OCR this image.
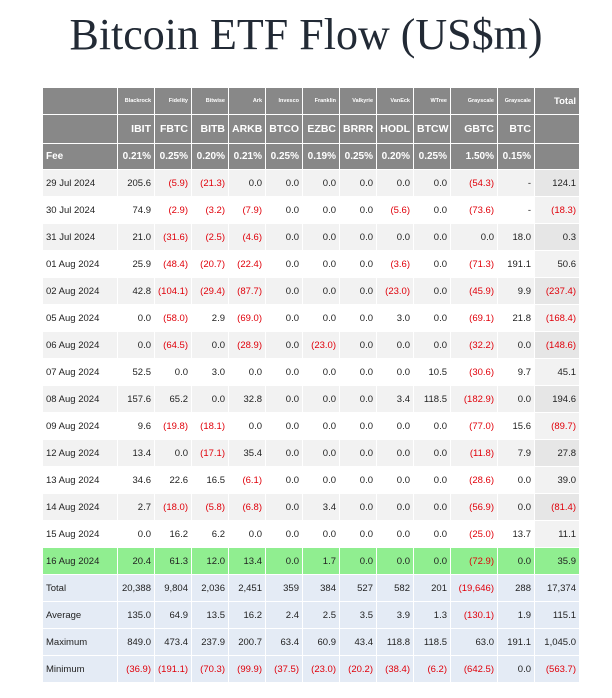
Bitcoin ETF Flow (US$m)
	Blackrock	Fidelity	Bitwise	Ark	Invesco	Franklin	Valkyrie	VanEck	WTree	Grayscale	Grayscale	Total
	IBIT	FBTC	BITB	ARKB	BTCO	EZBC	BRRR	HODL	BTCW	GBTC	BTC	
Fee	0.21%	0.25%	0.20%	0.21%	0.25%	0.19%	0.25%	0.20%	0.25%	1.50%	0.15%	
29 Jul 2024	205.6	(5.9)	(21.3)	0.0	0.0	0.0	0.0	0.0	0.0	(54.3)	-	124.1
30 Jul 2024	74.9	(2.9)	(3.2)	(7.9)	0.0	0.0	0.0	(5.6)	0.0	(73.6)	-	(18.3)
31 Jul 2024	21.0	(31.6)	(2.5)	(4.6)	0.0	0.0	0.0	0.0	0.0	0.0	18.0	0.3
01 Aug 2024	25.9	(48.4)	(20.7)	(22.4)	0.0	0.0	0.0	(3.6)	0.0	(71.3)	191.1	50.6
02 Aug 2024	42.8	(104.1)	(29.4)	(87.7)	0.0	0.0	0.0	(23.0)	0.0	(45.9)	9.9	(237.4)
05 Aug 2024	0.0	(58.0)	2.9	(69.0)	0.0	0.0	0.0	3.0	0.0	(69.1)	21.8	(168.4)
06 Aug 2024	0.0	(64.5)	0.0	(28.9)	0.0	(23.0)	0.0	0.0	0.0	(32.2)	0.0	(148.6)
07 Aug 2024	52.5	0.0	3.0	0.0	0.0	0.0	0.0	0.0	10.5	(30.6)	9.7	45.1
08 Aug 2024	157.6	65.2	0.0	32.8	0.0	0.0	0.0	3.4	118.5	(182.9)	0.0	194.6
09 Aug 2024	9.6	(19.8)	(18.1)	0.0	0.0	0.0	0.0	0.0	0.0	(77.0)	15.6	(89.7)
12 Aug 2024	13.4	0.0	(17.1)	35.4	0.0	0.0	0.0	0.0	0.0	(11.8)	7.9	27.8
13 Aug 2024	34.6	22.6	16.5	(6.1)	0.0	0.0	0.0	0.0	0.0	(28.6)	0.0	39.0
14 Aug 2024	2.7	(18.0)	(5.8)	(6.8)	0.0	3.4	0.0	0.0	0.0	(56.9)	0.0	(81.4)
15 Aug 2024	0.0	16.2	6.2	0.0	0.0	0.0	0.0	0.0	0.0	(25.0)	13.7	11.1
16 Aug 2024	20.4	61.3	12.0	13.4	0.0	1.7	0.0	0.0	0.0	(72.9)	0.0	35.9
Total	20,388	9,804	2,036	2,451	359	384	527	582	201	(19,646)	288	17,374
Average	135.0	64.9	13.5	16.2	2.4	2.5	3.5	3.9	1.3	(130.1)	1.9	115.1
Maximum	849.0	473.4	237.9	200.7	63.4	60.9	43.4	118.8	118.5	63.0	191.1	1,045.0
Minimum	(36.9)	(191.1)	(70.3)	(99.9)	(37.5)	(23.0)	(20.2)	(38.4)	(6.2)	(642.5)	0.0	(563.7)
